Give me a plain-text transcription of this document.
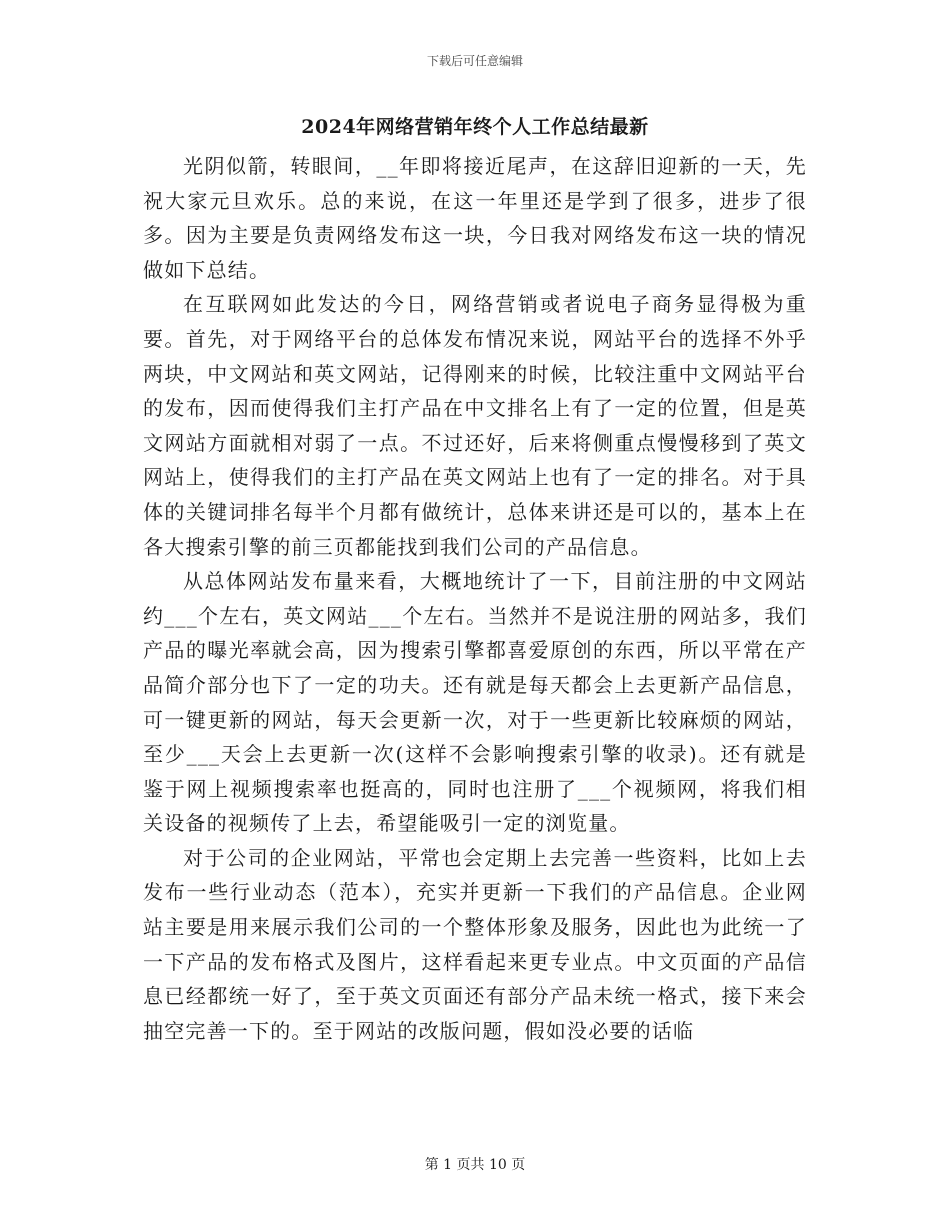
下载后可任意编辑
2024年网络营销年终个人工作总结最新

光阴似箭，转眼间，__年即将接近尾声，在这辞旧迎新的一天，先祝大家元旦欢乐。总的来说，在这一年里还是学到了很多，进步了很多。因为主要是负责网络发布这一块，今日我对网络发布这一块的情况做如下总结。

在互联网如此发达的今日，网络营销或者说电子商务显得极为重要。首先，对于网络平台的总体发布情况来说，网站平台的选择不外乎两块，中文网站和英文网站，记得刚来的时候，比较注重中文网站平台的发布，因而使得我们主打产品在中文排名上有了一定的位置，但是英文网站方面就相对弱了一点。不过还好，后来将侧重点慢慢移到了英文网站上，使得我们的主打产品在英文网站上也有了一定的排名。对于具体的关键词排名每半个月都有做统计，总体来讲还是可以的，基本上在各大搜索引擎的前三页都能找到我们公司的产品信息。

从总体网站发布量来看，大概地统计了一下，目前注册的中文网站约___个左右，英文网站___个左右。当然并不是说注册的网站多，我们产品的曝光率就会高，因为搜索引擎都喜爱原创的东西，所以平常在产品简介部分也下了一定的功夫。还有就是每天都会上去更新产品信息，可一键更新的网站，每天会更新一次，对于一些更新比较麻烦的网站，至少___天会上去更新一次(这样不会影响搜索引擎的收录)。还有就是鉴于网上视频搜索率也挺高的，同时也注册了___个视频网，将我们相关设备的视频传了上去，希望能吸引一定的浏览量。

对于公司的企业网站，平常也会定期上去完善一些资料，比如上去发布一些行业动态（范本），充实并更新一下我们的产品信息。企业网站主要是用来展示我们公司的一个整体形象及服务，因此也为此统一了一下产品的发布格式及图片，这样看起来更专业点。中文页面的产品信息已经都统一好了，至于英文页面还有部分产品未统一格式，接下来会抽空完善一下的。至于网站的改版问题，假如没必要的话临

第 1 页共 10 页
